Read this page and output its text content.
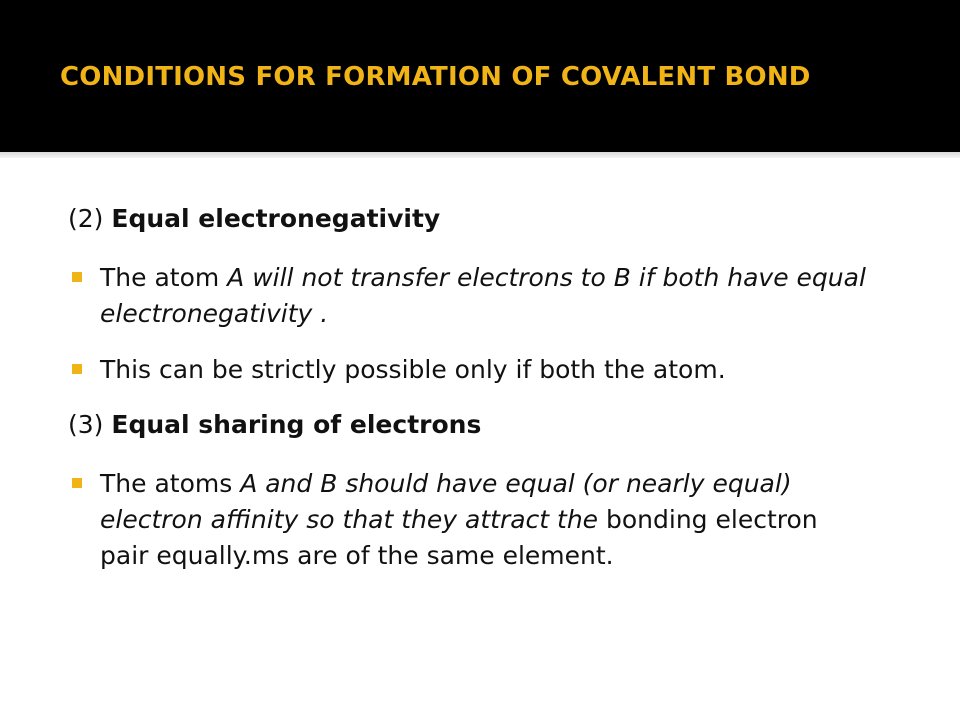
CONDITIONS FOR FORMATION OF COVALENT BOND

(2) Equal electronegativity

The atom A will not transfer electrons to B if both have equal electronegativity .
This can be strictly possible only if both the atom.

(3) Equal sharing of electrons

The atoms A and B should have equal (or nearly equal) electron affinity so that they attract the bonding electron pair equally.ms are of the same element.
